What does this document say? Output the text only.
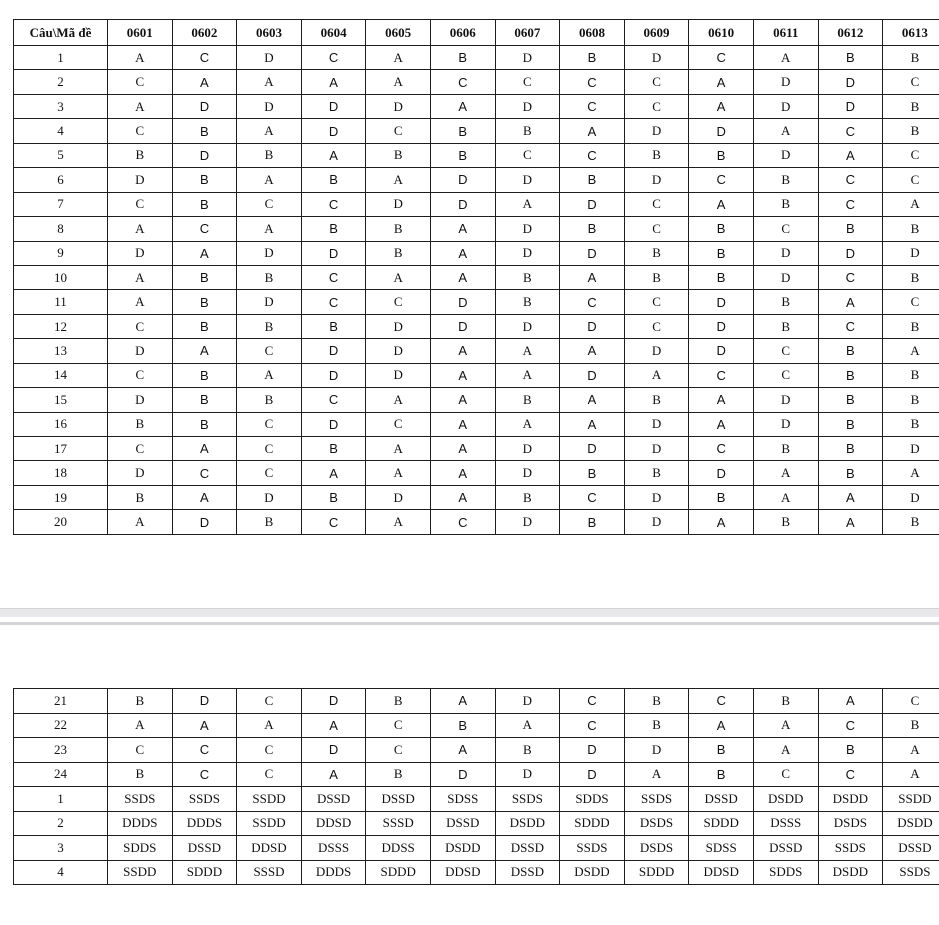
Câu\Mã đề	0601	0602	0603	0604	0605	0606	0607	0608	0609	0610	0611	0612	0613
1	A	C	D	C	A	B	D	B	D	C	A	B	B
2	C	A	A	A	A	C	C	C	C	A	D	D	C
3	A	D	D	D	D	A	D	C	C	A	D	D	B
4	C	B	A	D	C	B	B	A	D	D	A	C	B
5	B	D	B	A	B	B	C	C	B	B	D	A	C
6	D	B	A	B	A	D	D	B	D	C	B	C	C
7	C	B	C	C	D	D	A	D	C	A	B	C	A
8	A	C	A	B	B	A	D	B	C	B	C	B	B
9	D	A	D	D	B	A	D	D	B	B	D	D	D
10	A	B	B	C	A	A	B	A	B	B	D	C	B
11	A	B	D	C	C	D	B	C	C	D	B	A	C
12	C	B	B	B	D	D	D	D	C	D	B	C	B
13	D	A	C	D	D	A	A	A	D	D	C	B	A
14	C	B	A	D	D	A	A	D	A	C	C	B	B
15	D	B	B	C	A	A	B	A	B	A	D	B	B
16	B	B	C	D	C	A	A	A	D	A	D	B	B
17	C	A	C	B	A	A	D	D	D	C	B	B	D
18	D	C	C	A	A	A	D	B	B	D	A	B	A
19	B	A	D	B	D	A	B	C	D	B	A	A	D
20	A	D	B	C	A	C	D	B	D	A	B	A	B
21	B	D	C	D	B	A	D	C	B	C	B	A	C
22	A	A	A	A	C	B	A	C	B	A	A	C	B
23	C	C	C	D	C	A	B	D	D	B	A	B	A
24	B	C	C	A	B	D	D	D	A	B	C	C	A
1	SSDS	SSDS	SSDD	DSSD	DSSD	SDSS	SSDS	SDDS	SSDS	DSSD	DSDD	DSDD	SSDD
2	DDDS	DDDS	SSDD	DDSD	SSSD	DSSD	DSDD	SDDD	DSDS	SDDD	DSSS	DSDS	DSDD
3	SDDS	DSSD	DDSD	DSSS	DDSS	DSDD	DSSD	SSDS	DSDS	SDSS	DSSD	SSDS	DSSD
4	SSDD	SDDD	SSSD	DDDS	SDDD	DDSD	DSSD	DSDD	SDDD	DDSD	SDDS	DSDD	SSDS
